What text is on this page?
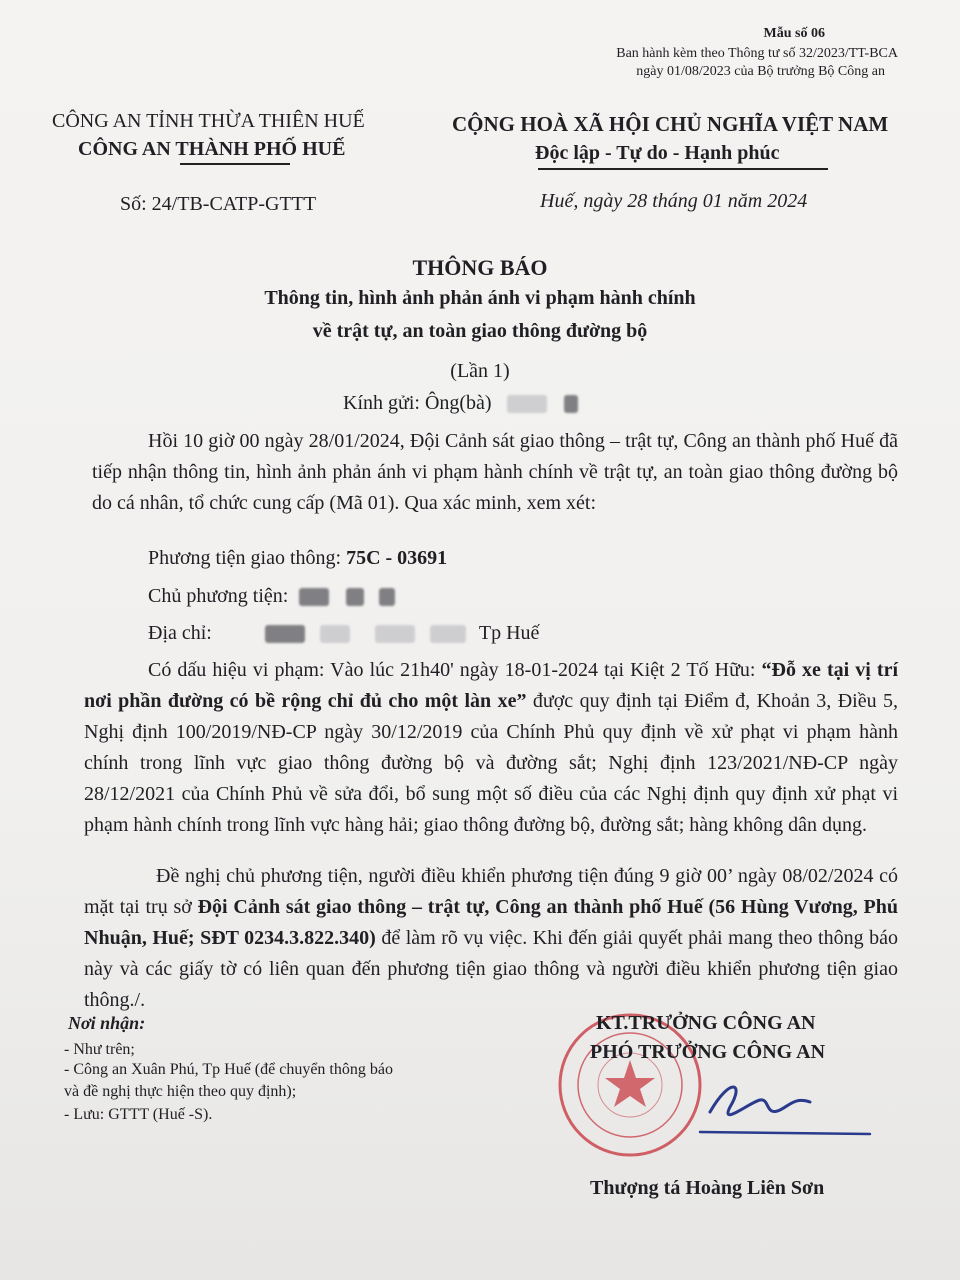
Mẫu số 06
Ban hành kèm theo Thông tư số 32/2023/TT-BCA
ngày 01/08/2023 của Bộ trưởng Bộ Công an
CÔNG AN TỈNH THỪA THIÊN HUẾ
CÔNG AN THÀNH PHỐ HUẾ
Số: 24/TB-CATP-GTTT
CỘNG HOÀ XÃ HỘI CHỦ NGHĨA VIỆT NAM
Độc lập - Tự do - Hạnh phúc
Huế, ngày 28 tháng 01 năm 2024
THÔNG BÁO
Thông tin, hình ảnh phản ánh vi phạm hành chính
về trật tự, an toàn giao thông đường bộ
(Lần 1)
Kính gửi: Ông(bà)
Hồi 10 giờ 00 ngày 28/01/2024, Đội Cảnh sát giao thông – trật tự, Công an thành phố Huế đã tiếp nhận thông tin, hình ảnh phản ánh vi phạm hành chính về trật tự, an toàn giao thông đường bộ do cá nhân, tổ chức cung cấp (Mã 01). Qua xác minh, xem xét:
Phương tiện giao thông: 75C - 03691
Chủ phương tiện:
Địa chỉ:	Tp Huế
Có dấu hiệu vi phạm: Vào lúc 21h40' ngày 18-01-2024 tại Kiệt 2 Tố Hữu: “Đỗ xe tại vị trí nơi phần đường có bề rộng chỉ đủ cho một làn xe” được quy định tại Điểm đ, Khoản 3, Điều 5, Nghị định 100/2019/NĐ-CP ngày 30/12/2019 của Chính Phủ quy định về xử phạt vi phạm hành chính trong lĩnh vực giao thông đường bộ và đường sắt; Nghị định 123/2021/NĐ-CP ngày 28/12/2021 của Chính Phủ về sửa đổi, bổ sung một số điều của các Nghị định quy định xử phạt vi phạm hành chính trong lĩnh vực hàng hải; giao thông đường bộ, đường sắt; hàng không dân dụng.
Đề nghị chủ phương tiện, người điều khiển phương tiện đúng 9 giờ 00’ ngày 08/02/2024 có mặt tại trụ sở Đội Cảnh sát giao thông – trật tự, Công an thành phố Huế (56 Hùng Vương, Phú Nhuận, Huế; SĐT 0234.3.822.340) để làm rõ vụ việc. Khi đến giải quyết phải mang theo thông báo này và các giấy tờ có liên quan đến phương tiện giao thông và người điều khiển phương tiện giao thông./.
Nơi nhận:
- Như trên;
- Công an Xuân Phú, Tp Huế (để chuyển thông báo
và đề nghị thực hiện theo quy định);
- Lưu: GTTT (Huế -S).
KT.TRƯỞNG CÔNG AN
PHÓ TRƯỞNG CÔNG AN
Thượng tá Hoàng Liên Sơn
